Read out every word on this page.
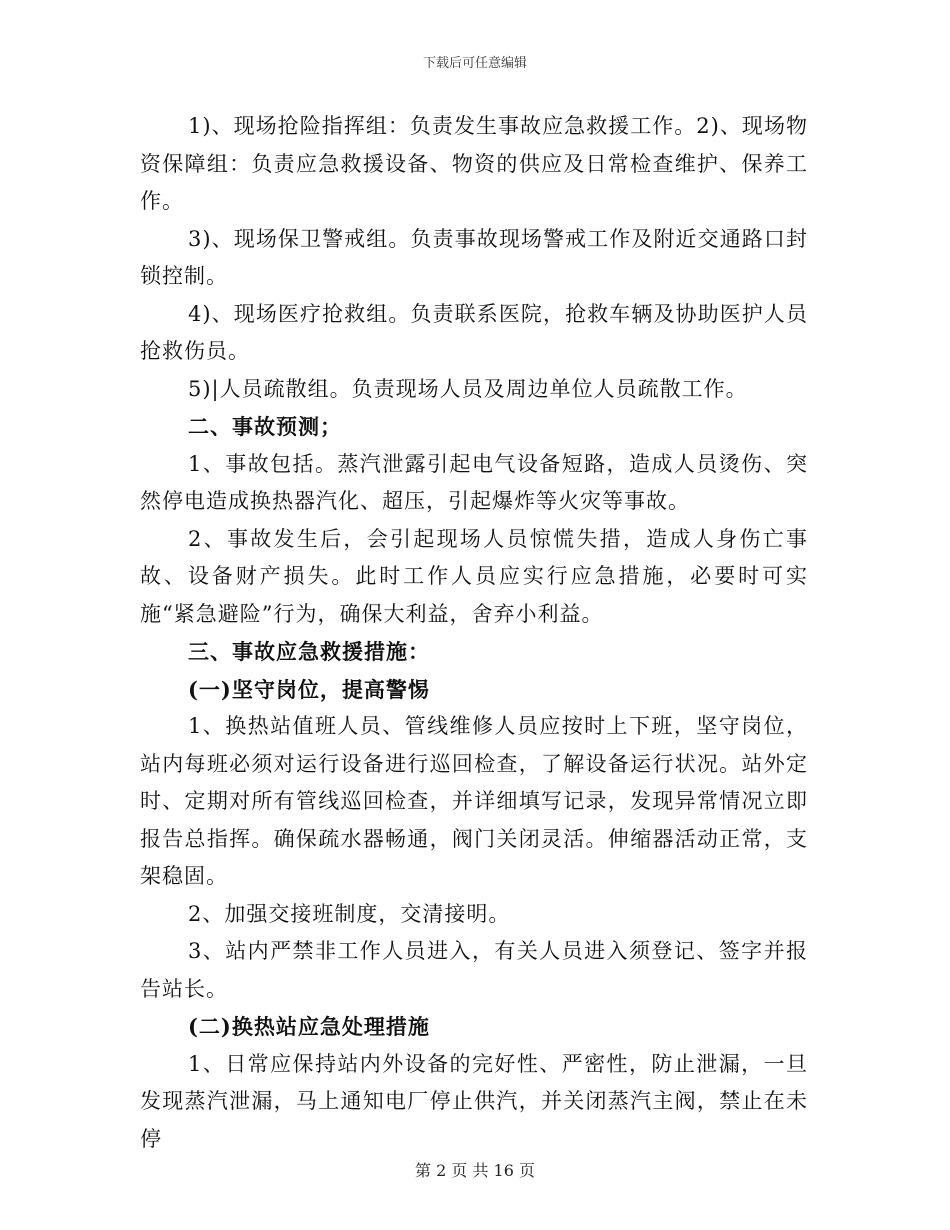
下载后可任意编辑

1)、现场抢险指挥组：负责发生事故应急救援工作。2)、现场物资保障组：负责应急救援设备、物资的供应及日常检查维护、保养工作。

3)、现场保卫警戒组。负责事故现场警戒工作及附近交通路口封锁控制。

4)、现场医疗抢救组。负责联系医院，抢救车辆及协助医护人员抢救伤员。

5)|人员疏散组。负责现场人员及周边单位人员疏散工作。

二、事故预测；

1、事故包括。蒸汽泄露引起电气设备短路，造成人员烫伤、突然停电造成换热器汽化、超压，引起爆炸等火灾等事故。

2、事故发生后，会引起现场人员惊慌失措，造成人身伤亡事故、设备财产损失。此时工作人员应实行应急措施，必要时可实施“紧急避险”行为，确保大利益，舍弃小利益。

三、事故应急救援措施：

(一)坚守岗位，提高警惕

1、换热站值班人员、管线维修人员应按时上下班，坚守岗位，站内每班必须对运行设备进行巡回检查，了解设备运行状况。站外定时、定期对所有管线巡回检查，并详细填写记录，发现异常情况立即报告总指挥。确保疏水器畅通，阀门关闭灵活。伸缩器活动正常，支架稳固。

2、加强交接班制度，交清接明。

3、站内严禁非工作人员进入，有关人员进入须登记、签字并报告站长。

(二)换热站应急处理措施

1、日常应保持站内外设备的完好性、严密性，防止泄漏，一旦发现蒸汽泄漏，马上通知电厂停止供汽，并关闭蒸汽主阀，禁止在未停

第 2 页 共 16 页
